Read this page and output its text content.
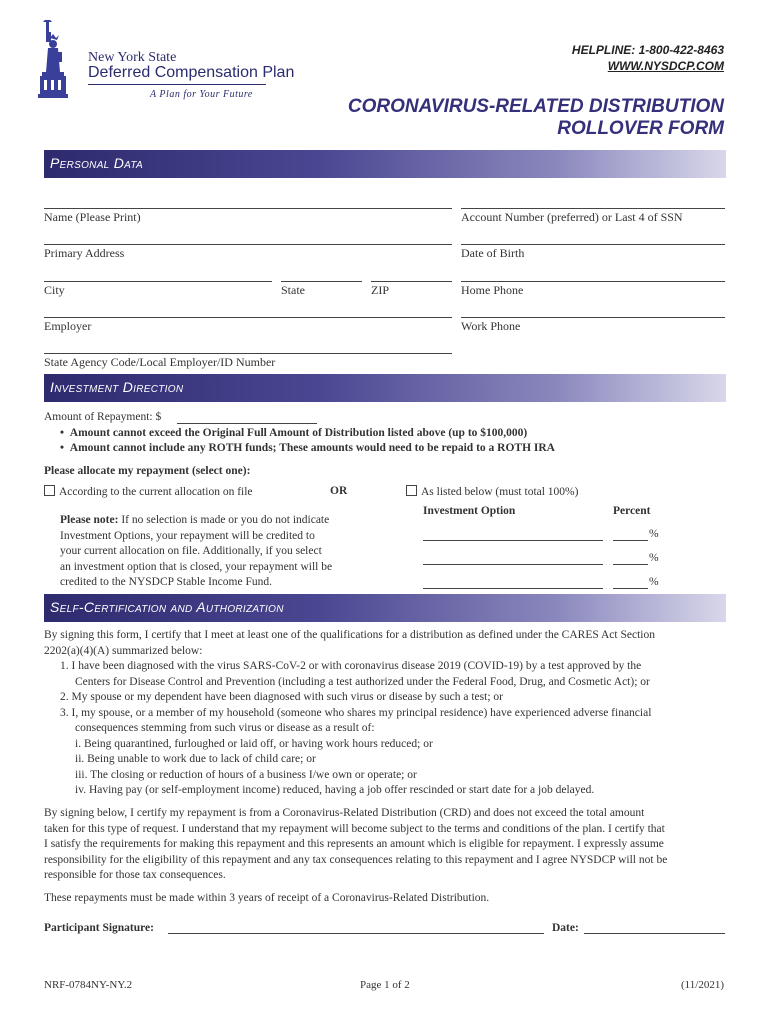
New York State
Deferred Compensation Plan
A Plan for Your Future
HELPLINE: 1-800-422-8463
WWW.NYSDCP.COM
CORONAVIRUS-RELATED DISTRIBUTION
ROLLOVER FORM
Personal Data
Name (Please Print)	Account Number (preferred) or Last 4 of SSN
Primary Address	Date of Birth
City	State	ZIP	Home Phone
Employer	Work Phone
State Agency Code/Local Employer/ID Number
Investment Direction
Amount of Repayment: $
•  Amount cannot exceed the Original Full Amount of Distribution listed above (up to $100,000)
•  Amount cannot include any ROTH funds; These amounts would need to be repaid to a ROTH IRA
Please allocate my repayment (select one):
According to the current allocation on file	OR	As listed below (must total 100%)
Please note: If no selection is made or you do not indicate
Investment Options, your repayment will be credited to
your current allocation on file. Additionally, if you select
an investment option that is closed, your repayment will be
credited to the NYSDCP Stable Income Fund.
Investment Option	Percent
%
%
%
Self-Certification and Authorization
By signing this form, I certify that I meet at least one of the qualifications for a distribution as defined under the CARES Act Section
2202(a)(4)(A) summarized below:
1. I have been diagnosed with the virus SARS-CoV-2 or with coronavirus disease 2019 (COVID-19) by a test approved by the
Centers for Disease Control and Prevention (including a test authorized under the Federal Food, Drug, and Cosmetic Act); or
2. My spouse or my dependent have been diagnosed with such virus or disease by such a test; or
3. I, my spouse, or a member of my household (someone who shares my principal residence) have experienced adverse financial
consequences stemming from such virus or disease as a result of:
i. Being quarantined, furloughed or laid off, or having work hours reduced; or
ii. Being unable to work due to lack of child care; or
iii. The closing or reduction of hours of a business I/we own or operate; or
iv. Having pay (or self-employment income) reduced, having a job offer rescinded or start date for a job delayed.
By signing below, I certify my repayment is from a Coronavirus-Related Distribution (CRD) and does not exceed the total amount
taken for this type of request. I understand that my repayment will become subject to the terms and conditions of the plan. I certify that
I satisfy the requirements for making this repayment and this represents an amount which is eligible for repayment. I expressly assume
responsibility for the eligibility of this repayment and any tax consequences relating to this repayment and I agree NYSDCP will not be
responsible for those tax consequences.
These repayments must be made within 3 years of receipt of a Coronavirus-Related Distribution.
Participant Signature:	Date:
NRF-0784NY-NY.2	Page 1 of 2	(11/2021)
